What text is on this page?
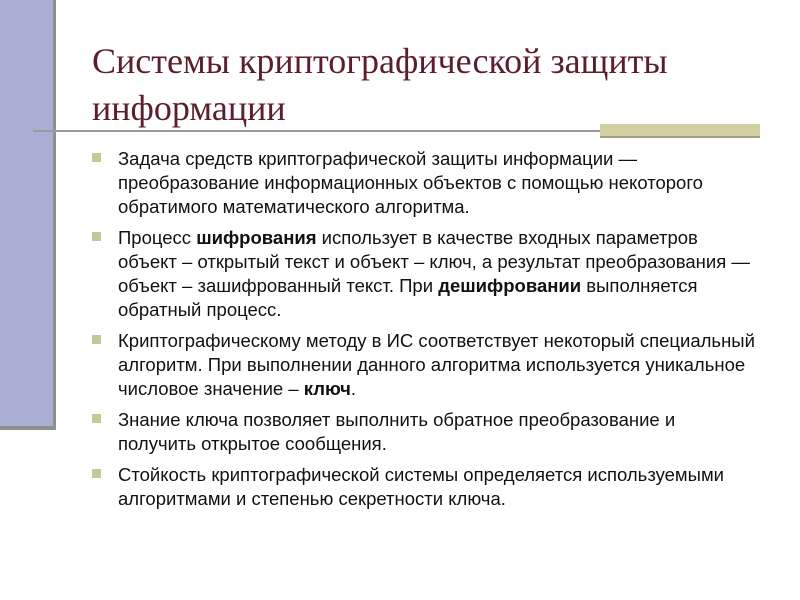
Системы криптографической защиты информации
Задача средств криптографической защиты информации — преобразование информационных объектов с помощью некоторого обратимого математического алгоритма.
Процесс шифрования использует в качестве входных параметров объект – открытый текст и объект – ключ, а результат преобразования — объект – зашифрованный текст. При дешифровании выполняется обратный процесс.
Криптографическому методу в ИС соответствует некоторый специальный алгоритм. При выполнении данного алгоритма используется уникальное числовое значение – ключ.
Знание ключа позволяет выполнить обратное преобразование и получить открытое сообщения.
Стойкость криптографической системы определяется используемыми алгоритмами и степенью секретности ключа.
